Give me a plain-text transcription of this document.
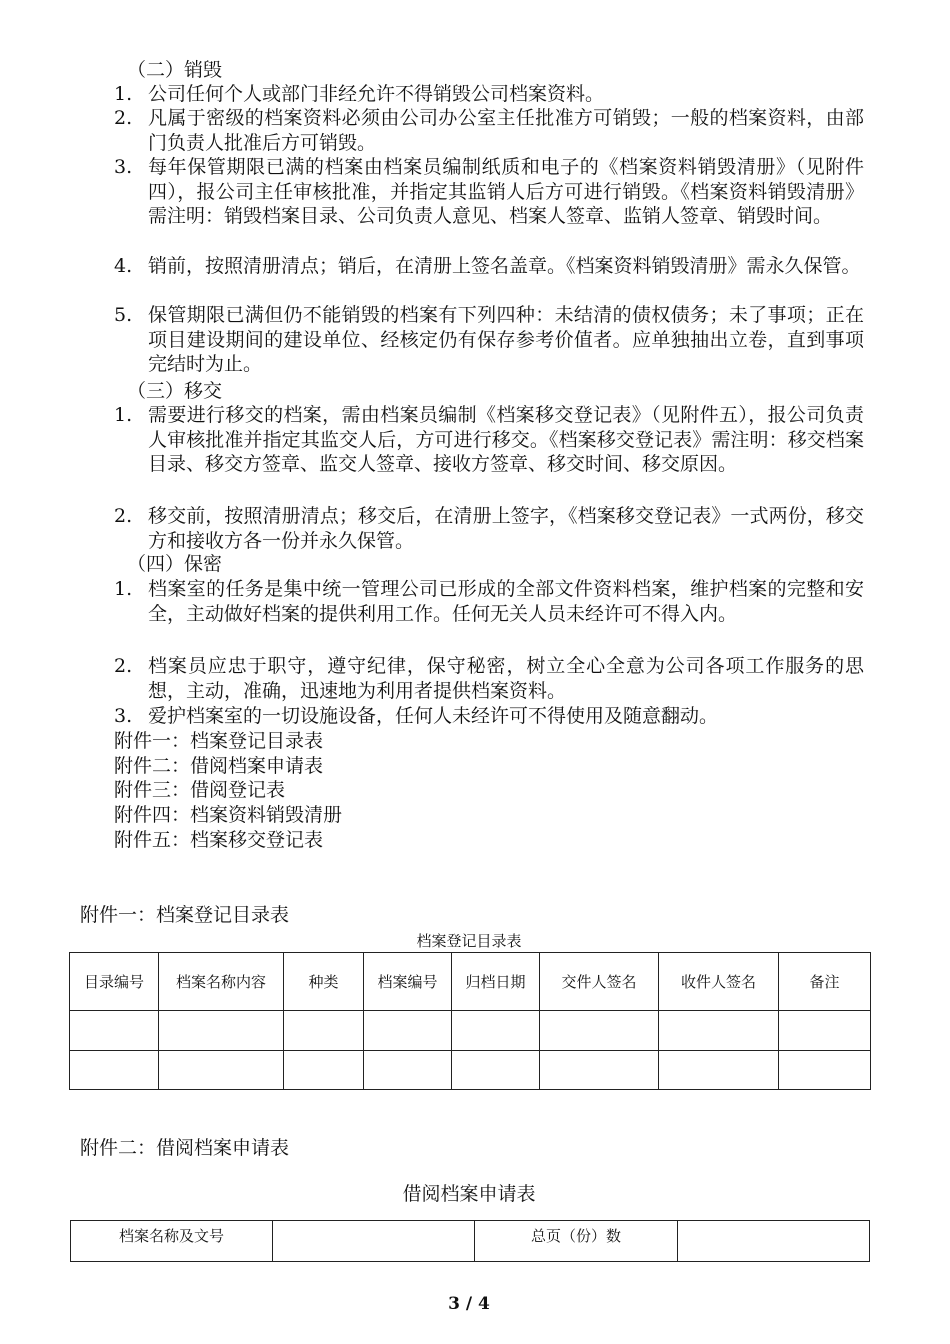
（二）销毁
1. 公司任何个人或部门非经允许不得销毁公司档案资料。
2. 凡属于密级的档案资料必须由公司办公室主任批准方可销毁；一般的档案资料，由部门负责人批准后方可销毁。
3. 每年保管期限已满的档案由档案员编制纸质和电子的《档案资料销毁清册》（见附件四），报公司主任审核批准，并指定其监销人后方可进行销毁。《档案资料销毁清册》需注明：销毁档案目录、公司负责人意见、档案人签章、监销人签章、销毁时间。
4. 销前，按照清册清点；销后，在清册上签名盖章。《档案资料销毁清册》需永久保管。
5. 保管期限已满但仍不能销毁的档案有下列四种：未结清的债权债务；未了事项；正在项目建设期间的建设单位、经核定仍有保存参考价值者。应单独抽出立卷，直到事项完结时为止。
（三）移交
1. 需要进行移交的档案，需由档案员编制《档案移交登记表》（见附件五），报公司负责人审核批准并指定其监交人后，方可进行移交。《档案移交登记表》需注明：移交档案目录、移交方签章、监交人签章、接收方签章、移交时间、移交原因。
2. 移交前，按照清册清点；移交后，在清册上签字，《档案移交登记表》一式两份，移交方和接收方各一份并永久保管。
（四）保密
1. 档案室的任务是集中统一管理公司已形成的全部文件资料档案，维护档案的完整和安全，主动做好档案的提供利用工作。任何无关人员未经许可不得入内。
2. 档案员应忠于职守，遵守纪律，保守秘密，树立全心全意为公司各项工作服务的思想，主动，准确，迅速地为利用者提供档案资料。
3. 爱护档案室的一切设施设备，任何人未经许可不得使用及随意翻动。
附件一：档案登记目录表
附件二：借阅档案申请表
附件三：借阅登记表
附件四：档案资料销毁清册
附件五：档案移交登记表
附件一：档案登记目录表
档案登记目录表
目录编号	档案名称内容	种类	档案编号	归档日期	交件人签名	收件人签名	备注

附件二：借阅档案申请表
借阅档案申请表
档案名称及文号		总页（份）数	
3 / 4
